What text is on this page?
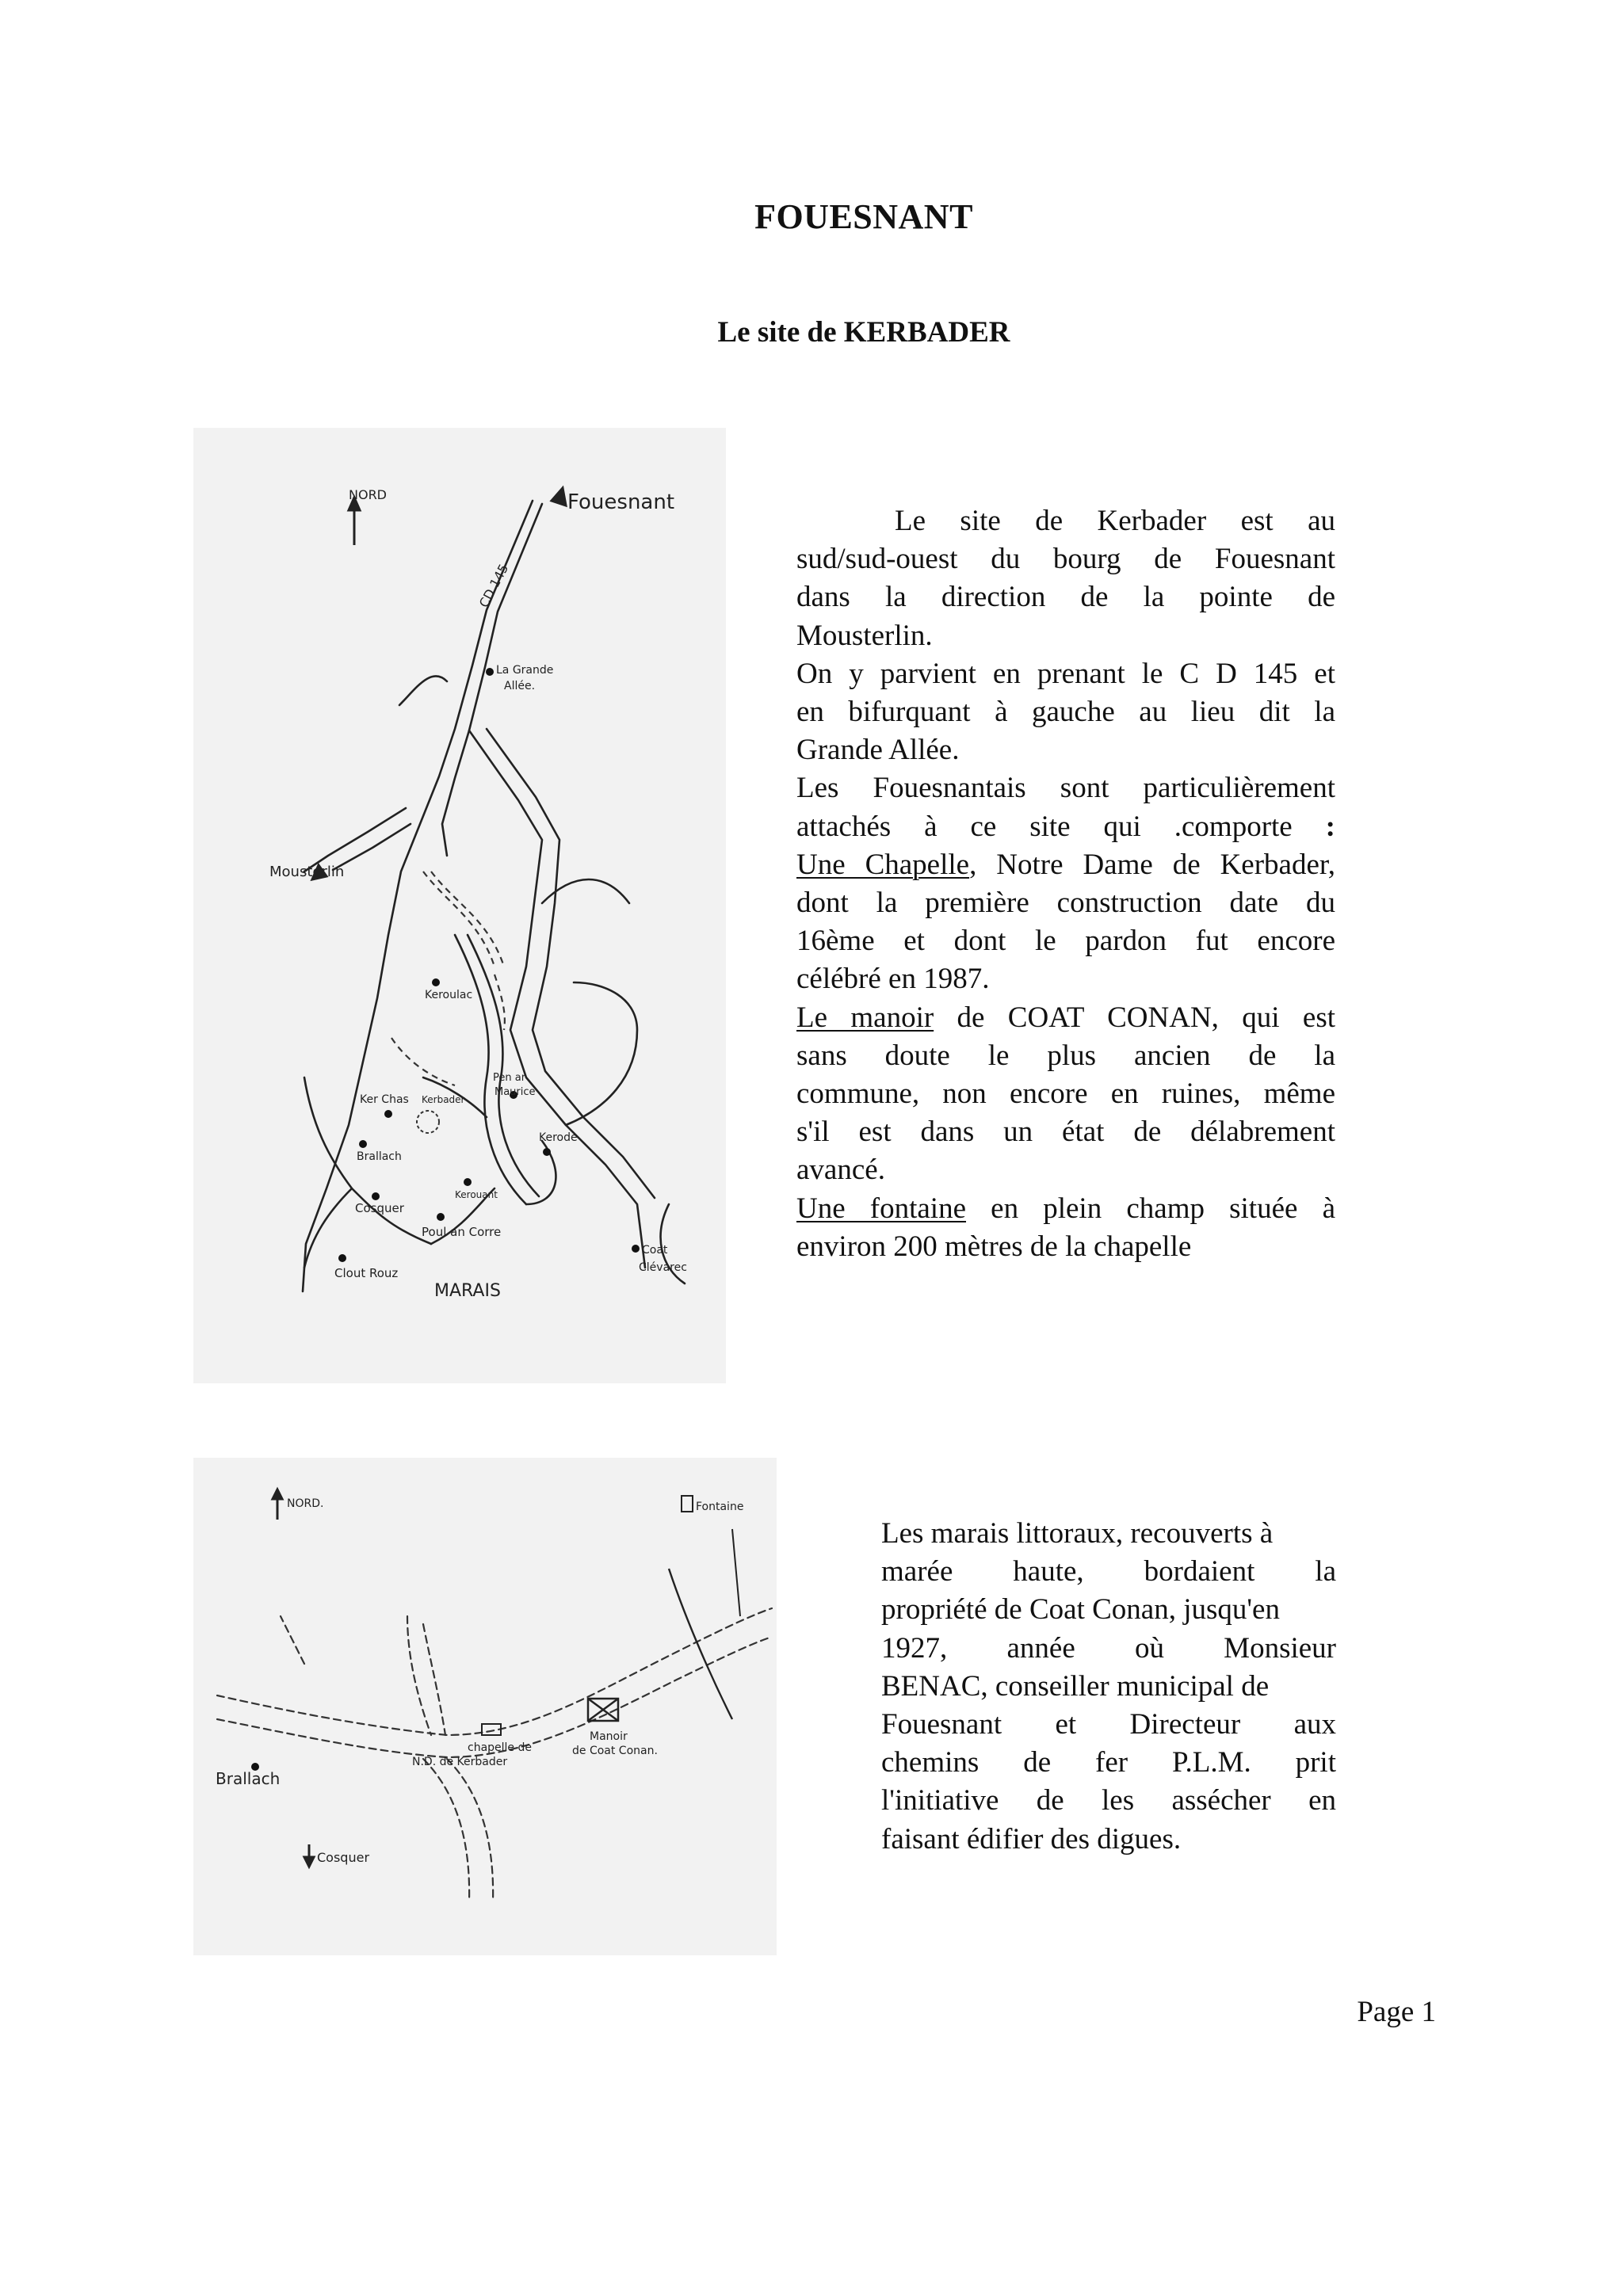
FOUESNANT
Le site de KERBADER
NORD	Fouesnant
CD 145
La Grande
Allée.
Mousterlin
Keroulac
Ker Chas Kerbader
Brallach
Pen ar
Maurice
Kerode
Cosquer
Kerouant
Poul an Corre
Clout Rouz
MARAIS
Coat
Clévarec
Le site de Kerbader est au
sud/sud-ouest du bourg de Fouesnant
dans la direction de la pointe de
Mousterlin.
On y parvient en prenant le C D 145 et
en bifurquant à gauche au lieu dit la
Grande Allée.
Les Fouesnantais sont particulièrement
attachés à ce site qui .comporte :
Une Chapelle, Notre Dame de Kerbader,
dont la première construction date du
16ème et dont le pardon fut encore
célébré en 1987.
Le manoir de COAT CONAN, qui est
sans doute le plus ancien de la
commune, non encore en ruines, même
s'il est dans un état de délabrement
avancé.
Une fontaine en plein champ située à
environ 200 mètres de la chapelle
NORD.	Fontaine
Brallach
Cosquer
chapelle de
N.D. de Kerbader
Manoir
de Coat Conan.
Les marais littoraux, recouverts à
marée haute, bordaient la
propriété de Coat Conan, jusqu'en
1927, année où Monsieur
BENAC, conseiller municipal de
Fouesnant et Directeur aux
chemins de fer P.L.M. prit
l'initiative de les assécher en
faisant édifier des digues.
Page 1
